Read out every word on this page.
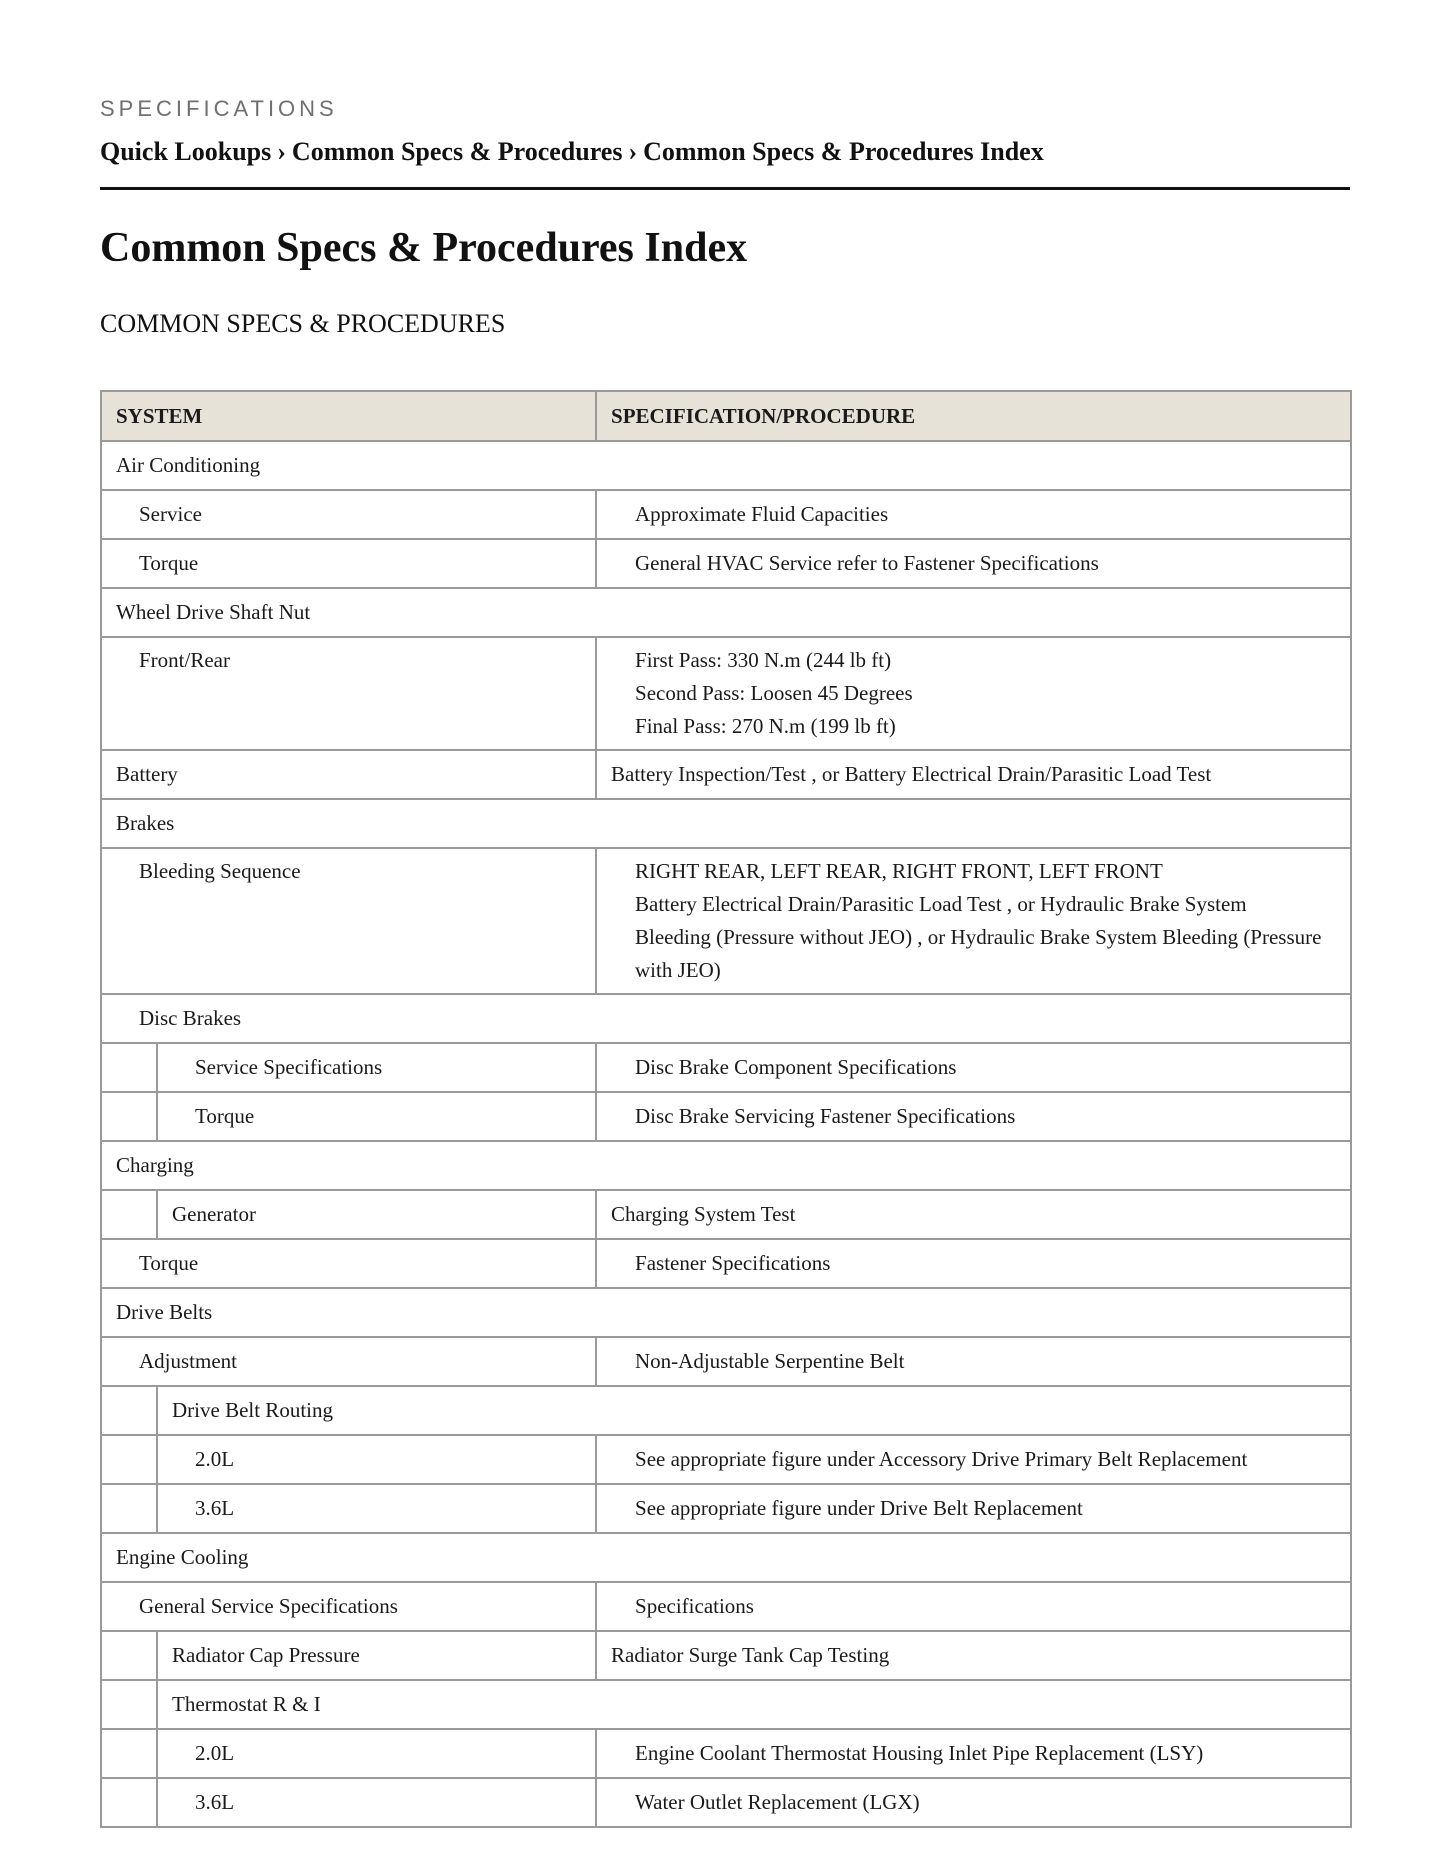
SPECIFICATIONS
Quick Lookups › Common Specs & Procedures › Common Specs & Procedures Index
Common Specs & Procedures Index
COMMON SPECS & PROCEDURES
SYSTEM		SPECIFICATION/PROCEDURE

Air Conditioning		

Service		Approximate Fluid Capacities

Torque		General HVAC Service refer to Fastener Specifications

Wheel Drive Shaft Nut		

Front/Rear		First Pass: 330 N.m (244 lb ft)
Second Pass: Loosen 45 Degrees
Final Pass: 270 N.m (199 lb ft)

Battery		Battery Inspection/Test , or Battery Electrical Drain/Parasitic Load Test

Brakes		

Bleeding Sequence		RIGHT REAR, LEFT REAR, RIGHT FRONT, LEFT FRONT
Battery Electrical Drain/Parasitic Load Test , or Hydraulic Brake System
Bleeding (Pressure without JEO) , or Hydraulic Brake System Bleeding (Pressure
with JEO)

Disc Brakes		

	Service Specifications	Disc Brake Component Specifications

	Torque	Disc Brake Servicing Fastener Specifications

Charging		

	Generator	Charging System Test

Torque		Fastener Specifications

Drive Belts		

Adjustment		Non-Adjustable Serpentine Belt

	Drive Belt Routing	

	2.0L	See appropriate figure under Accessory Drive Primary Belt Replacement

	3.6L	See appropriate figure under Drive Belt Replacement

Engine Cooling		

General Service Specifications		Specifications

	Radiator Cap Pressure	Radiator Surge Tank Cap Testing

	Thermostat R & I	

	2.0L	Engine Coolant Thermostat Housing Inlet Pipe Replacement (LSY)

	3.6L	Water Outlet Replacement (LGX)
